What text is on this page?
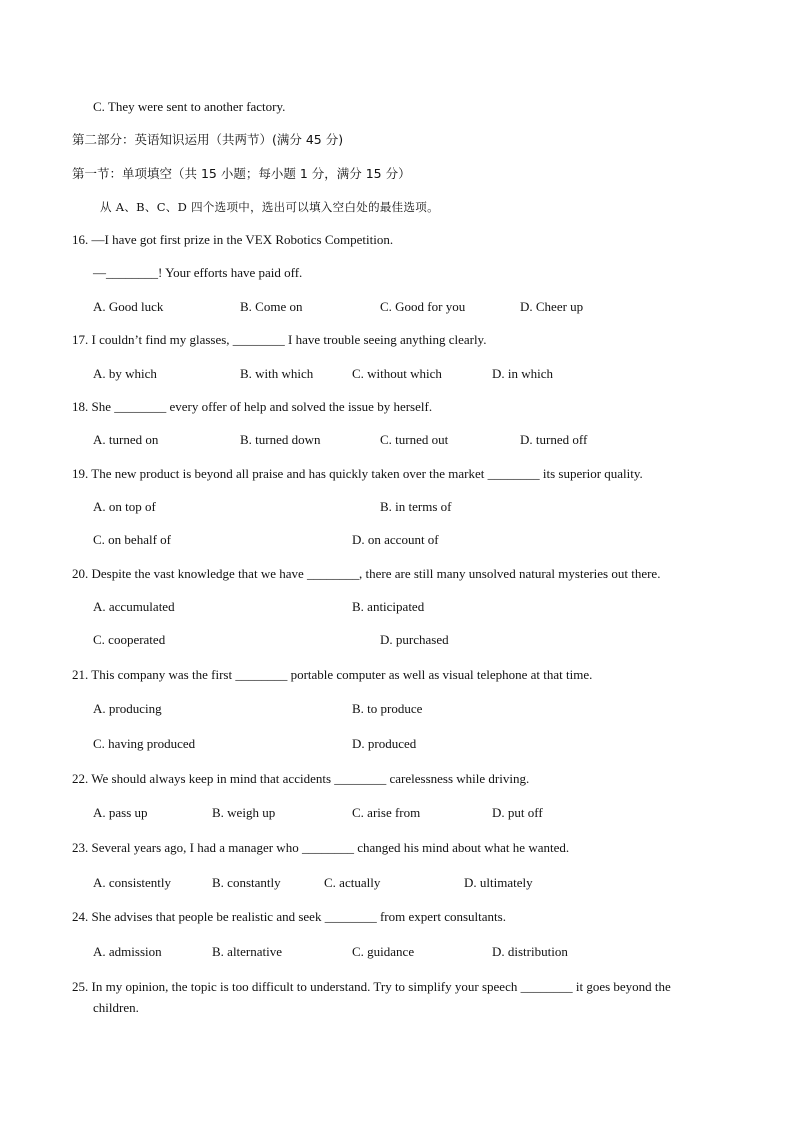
C. They were sent to another factory.
第二部分：英语知识运用（共两节）(满分 45 分)
第一节：单项填空（共 15 小题；每小题 1 分，满分 15 分）
从 A、B、C、D 四个选项中，选出可以填入空白处的最佳选项。
16. —I have got first prize in the VEX Robotics Competition.
—________! Your efforts have paid off.
A. Good luck	B. Come on	C. Good for you	D. Cheer up
17. I couldn’t find my glasses, ________ I have trouble seeing anything clearly.
A. by which	B. with which	C. without which	D. in which
18. She ________ every offer of help and solved the issue by herself.
A. turned on	B. turned down	C. turned out	D. turned off
19. The new product is beyond all praise and has quickly taken over the market ________ its superior quality.
A. on top of	B. in terms of
C. on behalf of	D. on account of
20. Despite the vast knowledge that we have ________, there are still many unsolved natural mysteries out there.
A. accumulated	B. anticipated
C. cooperated	D. purchased
21. This company was the first ________ portable computer as well as visual telephone at that time.
A. producing	B. to produce
C. having produced	D. produced
22. We should always keep in mind that accidents ________ carelessness while driving.
A. pass up	B. weigh up	C. arise from	D. put off
23. Several years ago, I had a manager who ________ changed his mind about what he wanted.
A. consistently	B. constantly	C. actually	D. ultimately
24. She advises that people be realistic and seek ________ from expert consultants.
A. admission	B. alternative	C. guidance	D. distribution
25. In my opinion, the topic is too difficult to understand. Try to simplify your speech ________ it goes beyond the
children.
